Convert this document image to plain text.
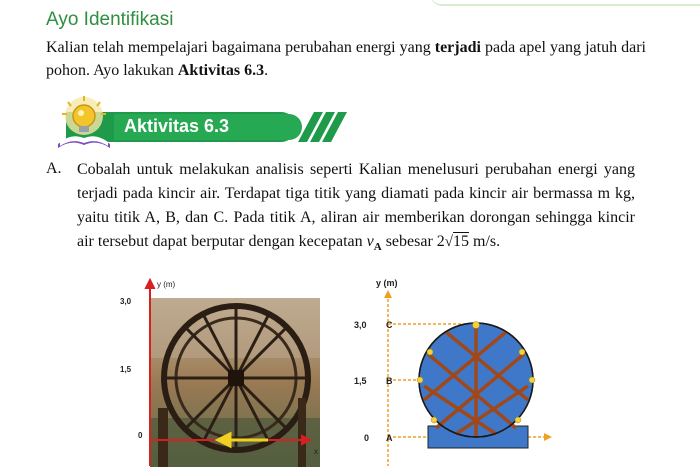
Ayo Identifikasi
Kalian telah mempelajari bagaimana perubahan energi yang terjadi pada apel yang jatuh dari pohon. Ayo lakukan Aktivitas 6.3.
Aktivitas 6.3
A. Cobalah untuk melakukan analisis seperti Kalian menelusuri perubahan energi yang terjadi pada kincir air. Terdapat tiga titik yang diamati pada kincir air bermassa m kg, yaitu titik A, B, dan C. Pada titik A, aliran air memberikan dorongan sehingga kincir air tersebut dapat berputar dengan kecepatan $v_A$ sebesar 2√15 m/s.
y (m)
x
3,0
1,5
0
y (m)
3,0
1,5
0
C
B
A
